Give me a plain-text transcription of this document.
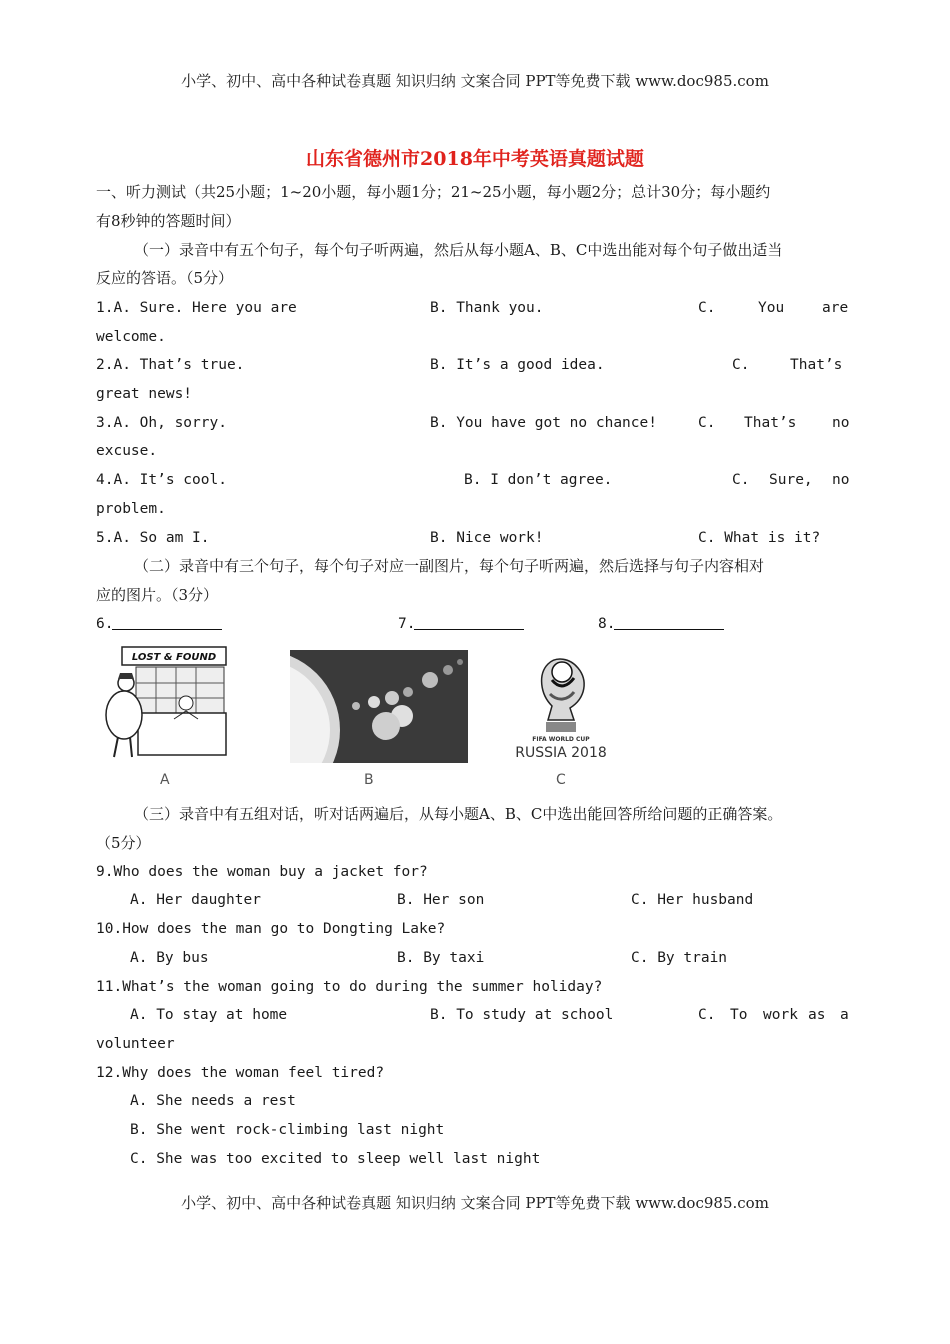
小学、初中、高中各种试卷真题 知识归纳 文案合同 PPT等免费下载 www.doc985.com
山东省德州市2018年中考英语真题试题
一、听力测试（共25小题；1~20小题，每小题1分；21~25小题，每小题2分；总计30分；每小题约
有8秒钟的答题时间）
（一）录音中有五个句子，每个句子听两遍，然后从每小题A、B、C中选出能对每个句子做出适当
反应的答语。（5分）
1.A. Sure. Here you are	B. Thank you.	C.	You	are
welcome.
2.A. That’s true.	B. It’s a good idea.	C.	That’s
great news!
3.A. Oh, sorry.	B. You have got no chance!	C. That’s no
excuse.
4.A. It’s cool.	B. I don’t agree.	C. Sure, no
problem.
5.A. So am I.	B. Nice work!	C. What is it?
（二）录音中有三个句子，每个句子对应一副图片，每个句子听两遍，然后选择与句子内容相对
应的图片。（3分）
6.	7.	8.
LOST & FOUND
A	B
FIFA WORLD CUP
RUSSIA 2018
C
（三）录音中有五组对话，听对话两遍后，从每小题A、B、C中选出能回答所给问题的正确答案。
（5分）
9.Who does the woman buy a jacket for?
A. Her daughter	B. Her son	C. Her husband
10.How does the man go to Dongting Lake?
A. By bus	B. By taxi	C. By train
11.What’s the woman going to do during the summer holiday?
A. To stay at home	B. To study at school	C. To work as a
volunteer
12.Why does the woman feel tired?
A. She needs a rest
B. She went rock-climbing last night
C. She was too excited to sleep well last night
小学、初中、高中各种试卷真题 知识归纳 文案合同 PPT等免费下载 www.doc985.com
